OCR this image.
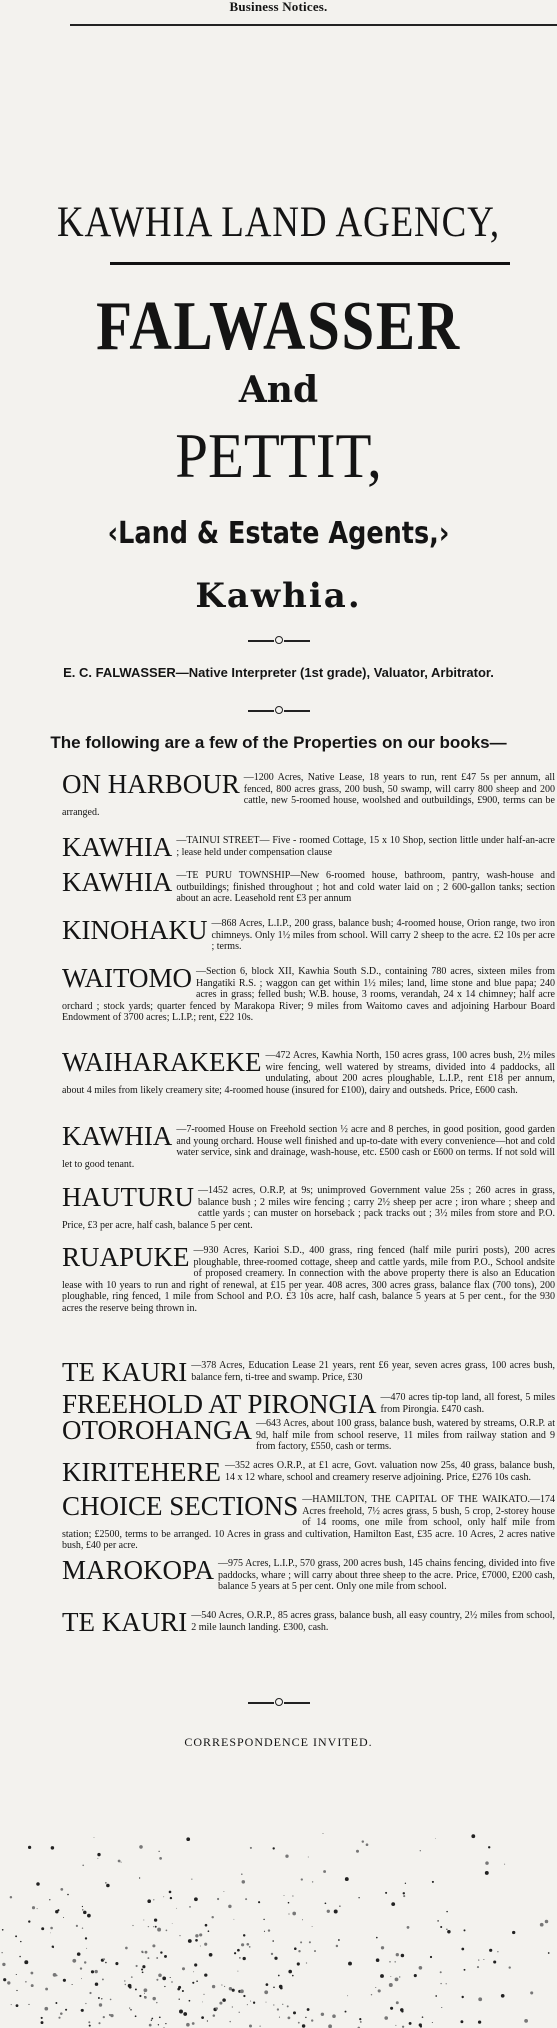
Business Notices.
KAWHIA LAND AGENCY,
FALWASSER
And
PETTIT,
‹Land & Estate Agents,›
Kawhia.
E. C. FALWASSER—Native Interpreter (1st grade), Valuator, Arbitrator.
The following are a few of the Properties on our books—
ON HARBOUR —1200 Acres, Native Lease, 18 years to run, rent £47 5s per annum, all fenced, 800 acres grass, 200 bush, 50 swamp, will carry 800 sheep and 200 cattle, new 5-roomed house, woolshed and outbuildings, £900, terms can be arranged.
KAWHIA —TAINUI STREET— Five - roomed Cottage, 15 x 10 Shop, section little under half-an-acre ; lease held under compensation clause
KAWHIA —TE PURU TOWNSHIP—New 6-roomed house, bathroom, pantry, wash-house and outbuildings; finished throughout ; hot and cold water laid on ; 2 600-gallon tanks; section about an acre. Leasehold rent £3 per annum
KINOHAKU —868 Acres, L.I.P., 200 grass, balance bush; 4-roomed house, Orion range, two iron chimneys. Only 1½ miles from school. Will carry 2 sheep to the acre. £2 10s per acre ; terms.
WAITOMO —Section 6, block XII, Kawhia South S.D., containing 780 acres, sixteen miles from Hangatiki R.S. ; waggon can get within 1½ miles; land, lime stone and blue papa; 240 acres in grass; felled bush; W.B. house, 3 rooms, verandah, 24 x 14 chimney; half acre orchard ; stock yards; quarter fenced by Marakopa River; 9 miles from Waitomo caves and adjoining Harbour Board Endowment of 3700 acres; L.I.P.; rent, £22 10s.
WAIHARAKEKE —472 Acres, Kawhia North, 150 acres grass, 100 acres bush, 2½ miles wire fencing, well watered by streams, divided into 4 paddocks, all undulating, about 200 acres ploughable, L.I.P., rent £18 per annum, about 4 miles from likely creamery site; 4-roomed house (insured for £100), dairy and outsheds. Price, £600 cash.
KAWHIA —7-roomed House on Freehold section ½ acre and 8 perches, in good position, good garden and young orchard. House well finished and up-to-date with every convenience—hot and cold water service, sink and drainage, wash-house, etc. £500 cash or £600 on terms. If not sold will let to good tenant.
HAUTURU —1452 acres, O.R.P, at 9s; unimproved Government value 25s ; 260 acres in grass, balance bush ; 2 miles wire fencing ; carry 2½ sheep per acre ; iron whare ; sheep and cattle yards ; can muster on horseback ; pack tracks out ; 3½ miles from store and P.O. Price, £3 per acre, half cash, balance 5 per cent.
RUAPUKE —930 Acres, Karioi S.D., 400 grass, ring fenced (half mile puriri posts), 200 acres ploughable, three-roomed cottage, sheep and cattle yards, mile from P.O., School andsite of proposed creamery. In connection with the above property there is also an Education lease with 10 years to run and right of renewal, at £15 per year. 408 acres, 300 acres grass, balance flax (700 tons), 200 ploughable, ring fenced, 1 mile from School and P.O. £3 10s acre, half cash, balance 5 years at 5 per cent., for the 930 acres the reserve being thrown in.
TE KAURI —378 Acres, Education Lease 21 years, rent £6 year, seven acres grass, 100 acres bush, balance fern, ti-tree and swamp. Price, £30
FREEHOLD AT PIRONGIA —470 acres tip-top land, all forest, 5 miles from Pirongia. £470 cash.
OTOROHANGA —643 Acres, about 100 grass, balance bush, watered by streams, O.R.P. at 9d, half mile from school reserve, 11 miles from railway station and 9 from factory, £550, cash or terms.
KIRITEHERE —352 acres O.R.P., at £1 acre, Govt. valuation now 25s, 40 grass, balance bush, 14 x 12 whare, school and creamery reserve adjoining. Price, £276 10s cash.
CHOICE SECTIONS —HAMILTON, THE CAPITAL OF THE WAIKATO.—174 Acres freehold, 7½ acres grass, 5 bush, 5 crop, 2-storey house of 14 rooms, one mile from school, only half mile from station; £2500, terms to be arranged. 10 Acres in grass and cultivation, Hamilton East, £35 acre. 10 Acres, 2 acres native bush, £40 per acre.
MAROKOPA —975 Acres, L.I.P., 570 grass, 200 acres bush, 145 chains fencing, divided into five paddocks, whare ; will carry about three sheep to the acre. Price, £7000, £200 cash, balance 5 years at 5 per cent. Only one mile from school.
TE KAURI —540 Acres, O.R.P., 85 acres grass, balance bush, all easy country, 2½ miles from school, 2 mile launch landing. £300, cash.
CORRESPONDENCE INVITED.
